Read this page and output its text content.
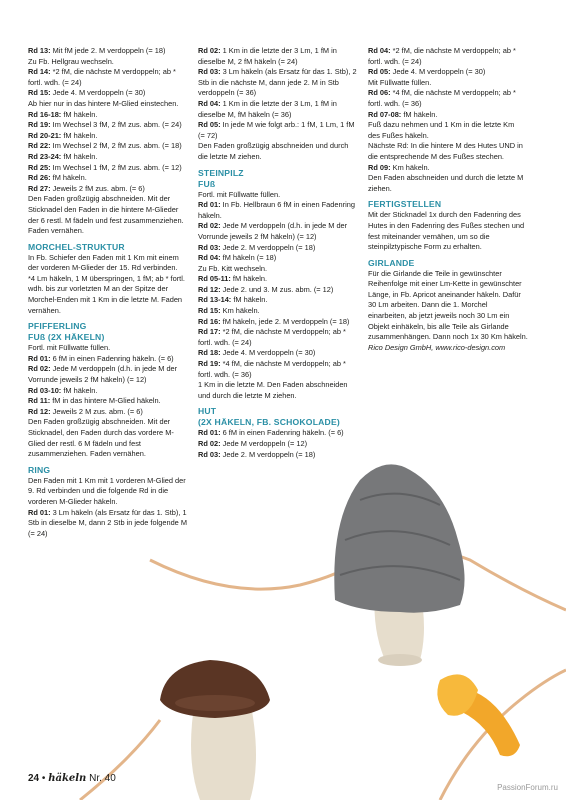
Rd 13: Mit fM jede 2. M verdoppeln (= 18)

Zu Fb. Hellgrau wechseln.

Rd 14: *2 fM, die nächste M verdoppeln; ab * fortl. wdh. (= 24)

Rd 15: Jede 4. M verdoppeln (= 30)

Ab hier nur in das hintere M-Glied einstechen.

Rd 16-18: fM häkeln.

Rd 19: Im Wechsel 3 fM, 2 fM zus. abm. (= 24)

Rd 20-21: fM häkeln.

Rd 22: Im Wechsel 2 fM, 2 fM zus. abm. (= 18)

Rd 23-24: fM häkeln.

Rd 25: Im Wechsel 1 fM, 2 fM zus. abm. (= 12)

Rd 26: fM häkeln.

Rd 27: Jeweils 2 fM zus. abm. (= 6)

Den Faden großzügig abschneiden. Mit der Sticknadel den Faden in die hintere M-Glieder der 6 restl. M fädeln und fest zusammenziehen. Faden vernähen.

MORCHEL-STRUKTUR

In Fb. Schiefer den Faden mit 1 Km mit einem der vorderen M-Glieder der 15. Rd verbinden.

*4 Lm häkeln, 1 M überspringen, 1 fM; ab * fortl. wdh. bis zur vorletzten M an der Spitze der Morchel-Enden mit 1 Km in die letzte M. Faden vernähen.

PFIFFERLING

FUß (2X HÄKELN)

Fortl. mit Füllwatte füllen.

Rd 01: 6 fM in einen Fadenring häkeln. (= 6)

Rd 02: Jede M verdoppeln (d.h. in jede M der Vorrunde jeweils 2 fM häkeln) (= 12)

Rd 03-10: fM häkeln.

Rd 11: fM in das hintere M-Glied häkeln.

Rd 12: Jeweils 2 M zus. abm. (= 6)

Den Faden großzügig abschneiden. Mit der Sticknadel, den Faden durch das vordere M-Glied der restl. 6 M fädeln und fest zusammenziehen. Faden vernähen.

RING

Den Faden mit 1 Km mit 1 vorderen M-Glied der 9. Rd verbinden und die folgende Rd in die vorderen M-Glieder häkeln.

Rd 01: 3 Lm häkeln (als Ersatz für das 1. Stb), 1 Stb in dieselbe M, dann 2 Stb in jede folgende M (= 24)

Rd 02: 1 Km in die letzte der 3 Lm, 1 fM in dieselbe M, 2 fM häkeln (= 24)

Rd 03: 3 Lm häkeln (als Ersatz für das 1. Stb), 2 Stb in die nächste M, dann jede 2. M in Stb verdoppeln (= 36)

Rd 04: 1 Km in die letzte der 3 Lm, 1 fM in dieselbe M, fM häkeln (= 36)

Rd 05: In jede M wie folgt arb.: 1 fM, 1 Lm, 1 fM (= 72)

Den Faden großzügig abschneiden und durch die letzte M ziehen.

STEINPILZ

FUß

Fortl. mit Füllwatte füllen.

Rd 01: In Fb. Hellbraun 6 fM in einen Fadenring häkeln.

Rd 02: Jede M verdoppeln (d.h. in jede M der Vorrunde jeweils 2 fM häkeln) (= 12)

Rd 03: Jede 2. M verdoppeln (= 18)

Rd 04: fM häkeln (= 18)

Zu Fb. Kitt wechseln.

Rd 05-11: fM häkeln.

Rd 12: Jede 2. und 3. M zus. abm. (= 12)

Rd 13-14: fM häkeln.

Rd 15: Km häkeln.

Rd 16: fM häkeln, jede 2. M verdoppeln (= 18)

Rd 17: *2 fM, die nächste M verdoppeln; ab * fortl. wdh. (= 24)

Rd 18: Jede 4. M verdoppeln (= 30)

Rd 19: *4 fM, die nächste M verdoppeln; ab * fortl. wdh. (= 36)

1 Km in die letzte M. Den Faden abschneiden und durch die letzte M ziehen.

HUT

(2X HÄKELN, FB. SCHOKOLADE)

Rd 01: 6 fM in einen Fadenring häkeln. (= 6)

Rd 02: Jede M verdoppeln (= 12)

Rd 03: Jede 2. M verdoppeln (= 18)

Rd 04: *2 fM, die nächste M verdoppeln; ab * fortl. wdh. (= 24)

Rd 05: Jede 4. M verdoppeln (= 30)

Mit Füllwatte füllen.

Rd 06: *4 fM, die nächste M verdoppeln; ab * fortl. wdh. (= 36)

Rd 07-08: fM häkeln.

Fuß dazu nehmen und 1 Km in die letzte Km des Fußes häkeln.

Nächste Rd: In die hintere M des Hutes UND in die entsprechende M des Fußes stechen.

Rd 09: Km häkeln.

Den Faden abschneiden und durch die letzte M ziehen.

FERTIGSTELLEN

Mit der Sticknadel 1x durch den Fadenring des Hutes in den Fadenring des Fußes stechen und fest miteinander vernähen, um so die steinpilztypische Form zu erhalten.

GIRLANDE

Für die Girlande die Teile in gewünschter Reihenfolge mit einer Lm-Kette in gewünschter Länge, in Fb. Apricot aneinander häkeln. Dafür 30 Lm arbeiten. Dann die 1. Morchel einarbeiten, ab jetzt jeweils noch 30 Lm ein Objekt einhäkeln, bis alle Teile als Girlande zusammenhängen. Dann noch 1x 30 Km häkeln.

Rico Design GmbH, www.rico-design.com

24 • häkeln Nr. 40
PassionForum.ru
